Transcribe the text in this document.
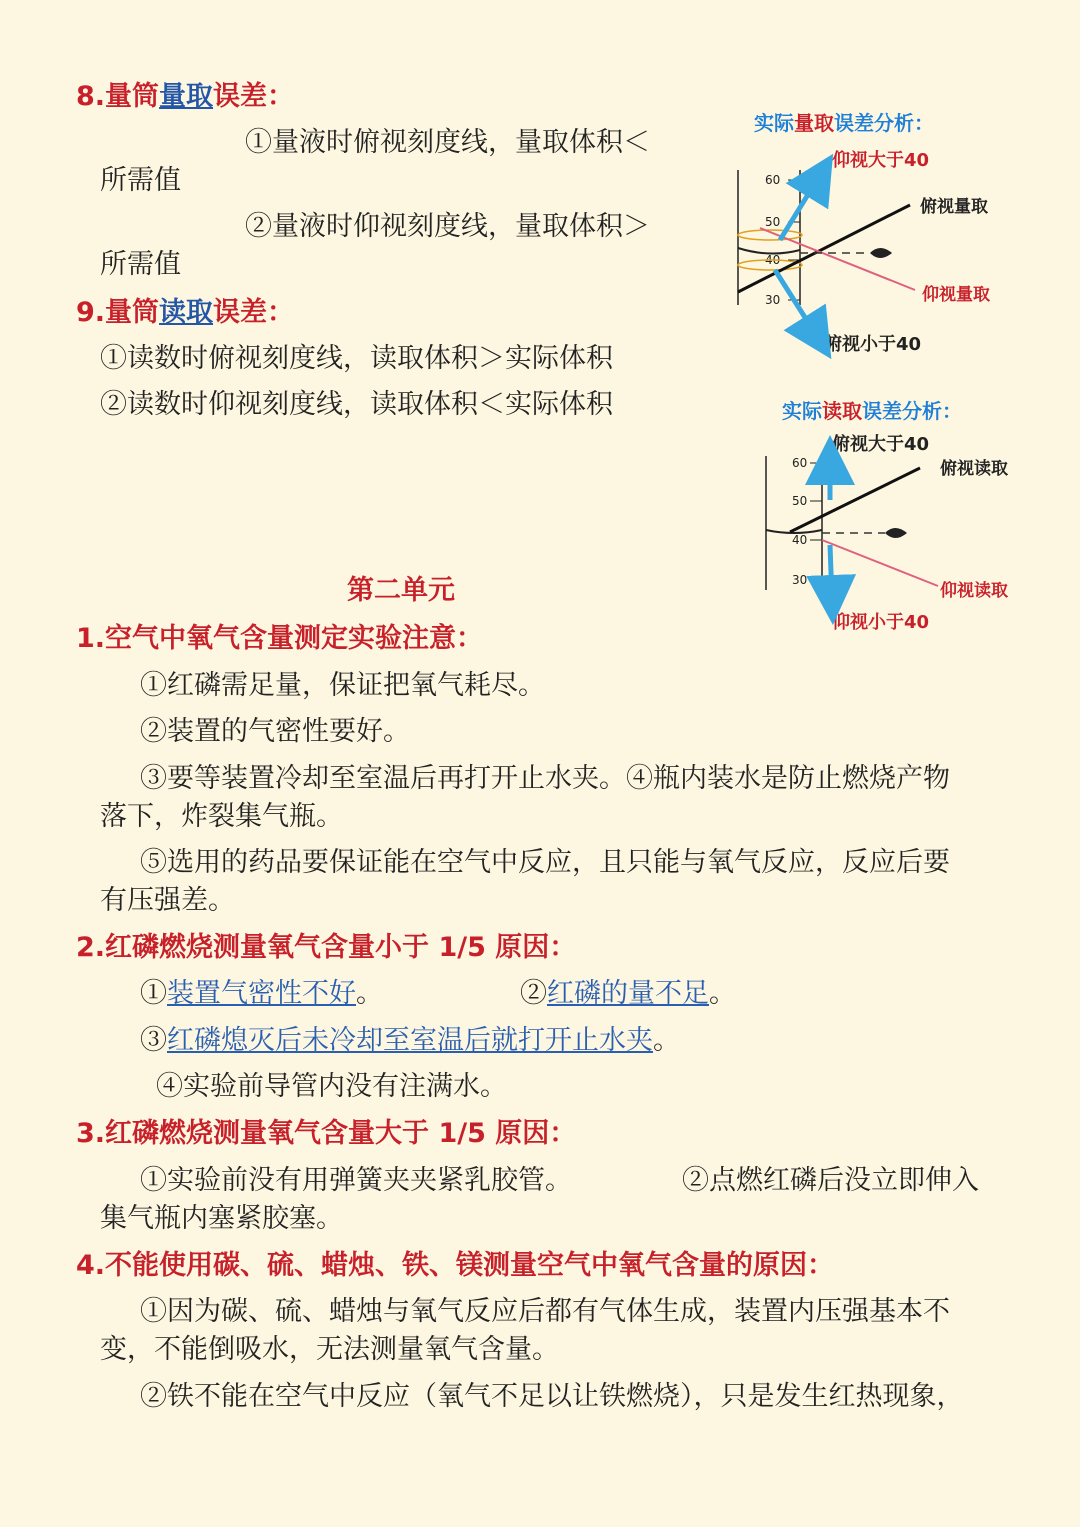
8.量筒量取误差：
①量液时俯视刻度线，量取体积＜
所需值
②量液时仰视刻度线，量取体积＞
所需值
9.量筒读取误差：
①读数时俯视刻度线，读取体积＞实际体积
②读数时仰视刻度线，读取体积＜实际体积
实际量取误差分析：
仰视大于40
俯视量取
仰视量取
俯视小于40
60
50
40
30
实际读取误差分析：
俯视大于40
俯视读取
仰视读取
仰视小于40
60
50
40
30
第二单元
1.空气中氧气含量测定实验注意：
①红磷需足量，保证把氧气耗尽。
②装置的气密性要好。
③要等装置冷却至室温后再打开止水夹。④瓶内装水是防止燃烧产物
落下，炸裂集气瓶。
⑤选用的药品要保证能在空气中反应，且只能与氧气反应，反应后要
有压强差。
2.红磷燃烧测量氧气含量小于 1/5 原因：
①装置气密性不好。	②红磷的量不足。
③红磷熄灭后未冷却至室温后就打开止水夹。
④实验前导管内没有注满水。
3.红磷燃烧测量氧气含量大于 1/5 原因：
①实验前没有用弹簧夹夹紧乳胶管。	②点燃红磷后没立即伸入
集气瓶内塞紧胶塞。
4.不能使用碳、硫、蜡烛、铁、镁测量空气中氧气含量的原因：
①因为碳、硫、蜡烛与氧气反应后都有气体生成，装置内压强基本不
变，不能倒吸水，无法测量氧气含量。
②铁不能在空气中反应（氧气不足以让铁燃烧），只是发生红热现象，
